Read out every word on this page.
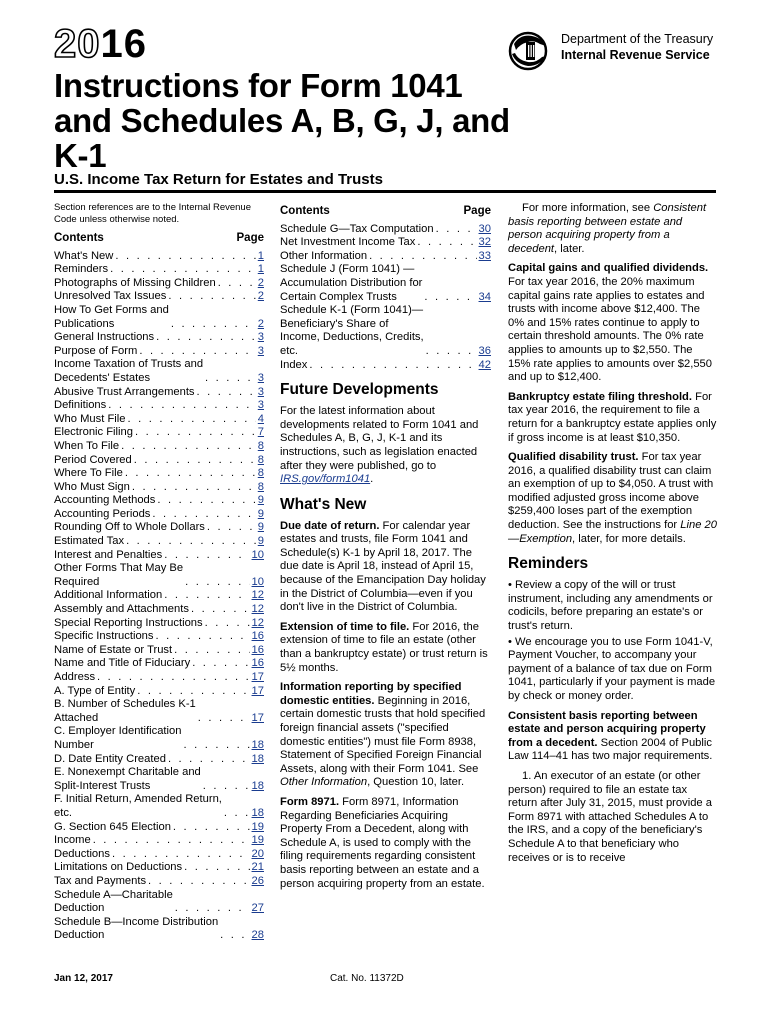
2016
Instructions for Form 1041 and Schedules A, B, G, J, and K-1
U.S. Income Tax Return for Estates and Trusts
Department of the Treasury
Internal Revenue Service
Section references are to the Internal Revenue Code unless otherwise noted.
Contents	Page
What's New . . .	1
Reminders . . .	1
Photographs of Missing Children . . .	2
Unresolved Tax Issues . . .	2
How To Get Forms and
Publications . . .	2
General Instructions . . .	3
Purpose of Form . . .	3
Income Taxation of Trusts and
Decedents' Estates . . .	3
Abusive Trust Arrangements . . .	3
Definitions . . .	3
Who Must File . . .	4
Electronic Filing . . .	7
When To File . . .	8
Period Covered . . .	8
Where To File . . .	8
Who Must Sign . . .	8
Accounting Methods . . .	9
Accounting Periods . . .	9
Rounding Off to Whole Dollars . . .	9
Estimated Tax . . .	9
Interest and Penalties . . .	10
Other Forms That May Be
Required . . .	10
Additional Information . . .	12
Assembly and Attachments . . .	12
Special Reporting Instructions . . .	12
Specific Instructions . . .	16
Name of Estate or Trust . . .	16
Name and Title of Fiduciary . . .	16
Address . . .	17
A. Type of Entity . . .	17
B. Number of Schedules K-1
Attached . . .	17
C. Employer Identification
Number . . .	18
D. Date Entity Created . . .	18
E. Nonexempt Charitable and
Split-Interest Trusts . . .	18
F. Initial Return, Amended Return,
etc. . . .	18
G. Section 645 Election . . .	19
Income . . .	19
Deductions . . .	20
Limitations on Deductions . . .	21
Tax and Payments . . .	26
Schedule A—Charitable
Deduction . . .	27
Schedule B—Income Distribution
Deduction . . .	28
Contents	Page
Schedule G—Tax Computation . . .	30
Net Investment Income Tax . . .	32
Other Information . . .	33
Schedule J (Form 1041) —
Accumulation Distribution for
Certain Complex Trusts . . .	34
Schedule K-1 (Form 1041)—
Beneficiary's Share of
Income, Deductions, Credits,
etc. . . .	36
Index . . .	42
Future Developments

For the latest information about developments related to Form 1041 and Schedules A, B, G, J, K-1 and its instructions, such as legislation enacted after they were published, go to IRS.gov/form1041.

What's New

Due date of return. For calendar year estates and trusts, file Form 1041 and Schedule(s) K-1 by April 18, 2017. The due date is April 18, instead of April 15, because of the Emancipation Day holiday in the District of Columbia—even if you don't live in the District of Columbia.

Extension of time to file. For 2016, the extension of time to file an estate (other than a bankruptcy estate) or trust return is 5½ months.

Information reporting by specified domestic entities. Beginning in 2016, certain domestic trusts that hold specified foreign financial assets ("specified domestic entities") must file Form 8938, Statement of Specified Foreign Financial Assets, along with their Form 1041. See Other Information, Question 10, later.

Form 8971. Form 8971, Information Regarding Beneficiaries Acquiring Property From a Decedent, along with Schedule A, is used to comply with the filing requirements regarding consistent basis reporting between an estate and a person acquiring property from an estate.

For more information, see Consistent basis reporting between estate and person acquiring property from a decedent, later.

Capital gains and qualified dividends. For tax year 2016, the 20% maximum capital gains rate applies to estates and trusts with income above $12,400. The 0% and 15% rates continue to apply to certain threshold amounts. The 0% rate applies to amounts up to $2,550. The 15% rate applies to amounts over $2,550 and up to $12,400.

Bankruptcy estate filing threshold. For tax year 2016, the requirement to file a return for a bankruptcy estate applies only if gross income is at least $10,350.

Qualified disability trust. For tax year 2016, a qualified disability trust can claim an exemption of up to $4,050. A trust with modified adjusted gross income above $259,400 loses part of the exemption deduction. See the instructions for Line 20—Exemption, later, for more details.

Reminders

• Review a copy of the will or trust instrument, including any amendments or codicils, before preparing an estate's or trust's return.

• We encourage you to use Form 1041-V, Payment Voucher, to accompany your payment of a balance of tax due on Form 1041, particularly if your payment is made by check or money order.

Consistent basis reporting between estate and person acquiring property from a decedent. Section 2004 of Public Law 114–41 has two major requirements.

1. An executor of an estate (or other person) required to file an estate tax return after July 31, 2015, must provide a Form 8971 with attached Schedules A to the IRS, and a copy of the beneficiary's Schedule A to that beneficiary who receives or is to receive

Jan 12, 2017	Cat. No. 11372D
